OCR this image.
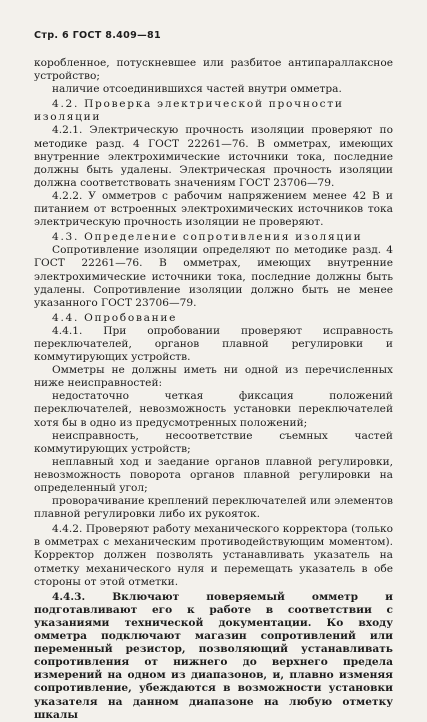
Стр. 6 ГОСТ 8.409—81

коробленное, потускневшее или разбитое антипараллаксное устройство;

наличие отсоединившихся частей внутри омметра.

4.2. Проверка электрической прочности изоляции

4.2.1. Электрическую прочность изоляции проверяют по методике разд. 4 ГОСТ 22261—76. В омметрах, имеющих внутренние электрохимические источники тока, последние должны быть удалены. Электрическая прочность изоляции должна соответствовать значениям ГОСТ 23706—79.

4.2.2. У омметров с рабочим напряжением менее 42 В и питанием от встроенных электрохимических источников тока электрическую прочность изоляции не проверяют.

4.3. Определение сопротивления изоляции

Сопротивление изоляции определяют по методике разд. 4 ГОСТ 22261—76. В омметрах, имеющих внутренние электрохимические источники тока, последние должны быть удалены. Сопротивление изоляции должно быть не менее указанного ГОСТ 23706—79.

4.4. Опробование

4.4.1. При опробовании проверяют исправность переключателей, органов плавной регулировки и коммутирующих устройств.

Омметры не должны иметь ни одной из перечисленных ниже неисправностей:

недостаточно четкая фиксация положений переключателей, невозможность установки переключателей хотя бы в одно из предусмотренных положений;

неисправность, несоответствие съемных частей коммутирующих устройств;

неплавный ход и заедание органов плавной регулировки, невозможность поворота органов плавной регулировки на определенный угол;

проворачивание креплений переключателей или элементов плавной регулировки либо их рукояток.

4.4.2. Проверяют работу механического корректора (только в омметрах с механическим противодействующим моментом). Корректор должен позволять устанавливать указатель на отметку механического нуля и перемещать указатель в обе стороны от этой отметки.

4.4.3. Включают поверяемый омметр и подготавливают его к работе в соответствии с указаниями технической документации. Ко входу омметра подключают магазин сопротивлений или переменный резистор, позволяющий устанавливать сопротивления от нижнего до верхнего предела измерений на одном из диапазонов, и, плавно изменяя сопротивление, убеждаются в возможности установки указателя на данном диапазоне на любую отметку шкалы
